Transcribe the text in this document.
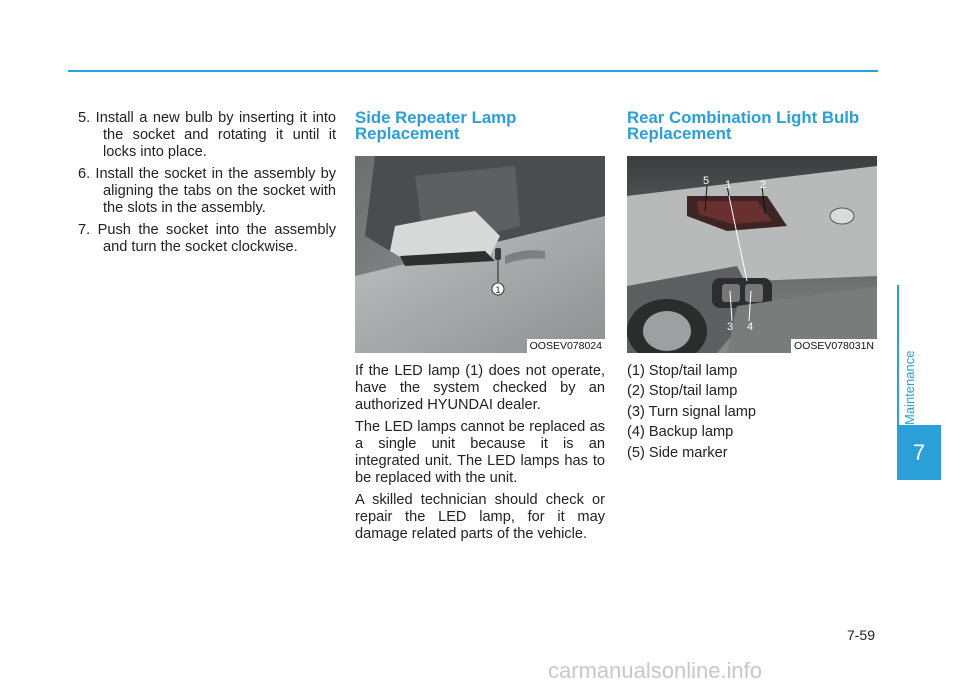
5. Install a new bulb by inserting it into the socket and rotating it until it locks into place.
6. Install the socket in the assembly by aligning the tabs on the socket with the slots in the assembly.
7. Push the socket into the assembly and turn the socket clockwise.
Side Repeater Lamp Replacement
1
OOSEV078024

If the LED lamp (1) does not operate, have the system checked by an authorized HYUNDAI dealer.

The LED lamps cannot be replaced as a single unit because it is an integrated unit. The LED lamps has to be replaced with the unit.

A skilled technician should check or repair the LED lamp, for it may damage related parts of the vehicle.

Rear Combination Light Bulb Replacement
5 1	2
3 4
OOSEV078031N
(1) Stop/tail lamp
(2) Stop/tail lamp
(3) Turn signal lamp
(4) Backup lamp
(5) Side marker
Maintenance
7
7-59
carmanualsonline.info
